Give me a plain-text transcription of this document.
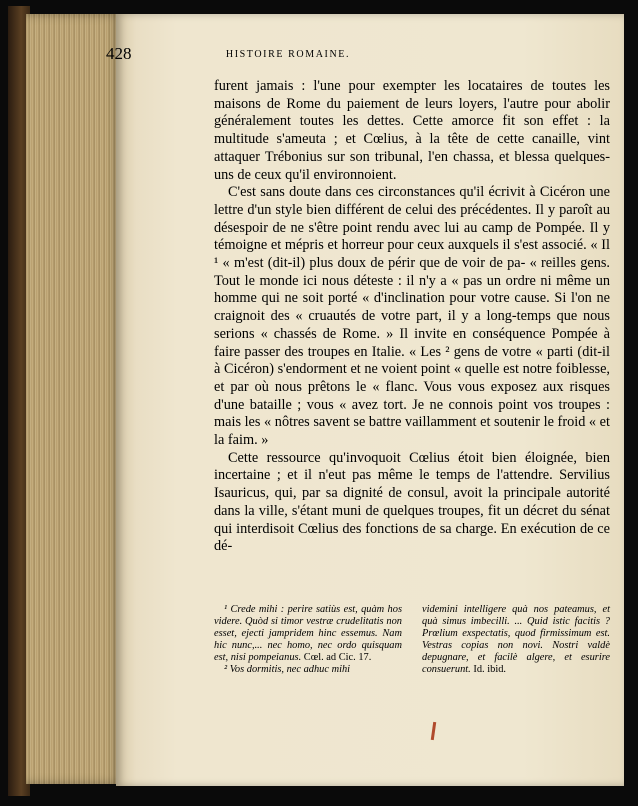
428	HISTOIRE ROMAINE.

furent jamais : l'une pour exempter les locataires de toutes les maisons de Rome du paiement de leurs loyers, l'autre pour abolir généralement toutes les dettes. Cette amorce fit son effet : la multitude s'ameuta ; et Cœlius, à la tête de cette canaille, vint attaquer Trébonius sur son tribunal, l'en chassa, et blessa quelques-uns de ceux qu'il environnoient.

C'est sans doute dans ces circonstances qu'il écrivit à Cicéron une lettre d'un style bien différent de celui des précédentes. Il y paroît au désespoir de ne s'être point rendu avec lui au camp de Pompée. Il y témoigne et mépris et horreur pour ceux auxquels il s'est associé. « Il ¹ « m'est (dit-il) plus doux de périr que de voir de pa- « reilles gens. Tout le monde ici nous déteste : il n'y a « pas un ordre ni même un homme qui ne soit porté « d'inclination pour votre cause. Si l'on ne craignoit des « cruautés de votre part, il y a long-temps que nous serions « chassés de Rome. » Il invite en conséquence Pompée à faire passer des troupes en Italie. « Les ² gens de votre « parti (dit-il à Cicéron) s'endorment et ne voient point « quelle est notre foiblesse, et par où nous prêtons le « flanc. Vous vous exposez aux risques d'une bataille ; vous « avez tort. Je ne connois point vos troupes : mais les « nôtres savent se battre vaillamment et soutenir le froid « et la faim. »

Cette ressource qu'invoquoit Cœlius étoit bien éloignée, bien incertaine ; et il n'eut pas même le temps de l'attendre. Servilius Isauricus, qui, par sa dignité de consul, avoit la principale autorité dans la ville, s'étant muni de quelques troupes, fit un décret du sénat qui interdisoit Cœlius des fonctions de sa charge. En exécution de ce dé-

¹ Crede mihi : perire satiùs est, quàm hos videre. Quòd si timor vestræ crudelitatis non esset, ejecti jampridem hinc essemus. Nam hic nunc,... nec homo, nec ordo quisquam est, nisi pompeianus. Cœl. ad Cic. 17.

² Vos dormitis, nec adhuc mihi

videmini intelligere quà nos pateamus, et quà simus imbecilli. ... Quid istic facitis ? Prœlium exspectatis, quod firmissimum est. Vestras copias non novi. Nostri valdè depugnare, et facilè algere, et esurire consuerunt. Id. ibid.
